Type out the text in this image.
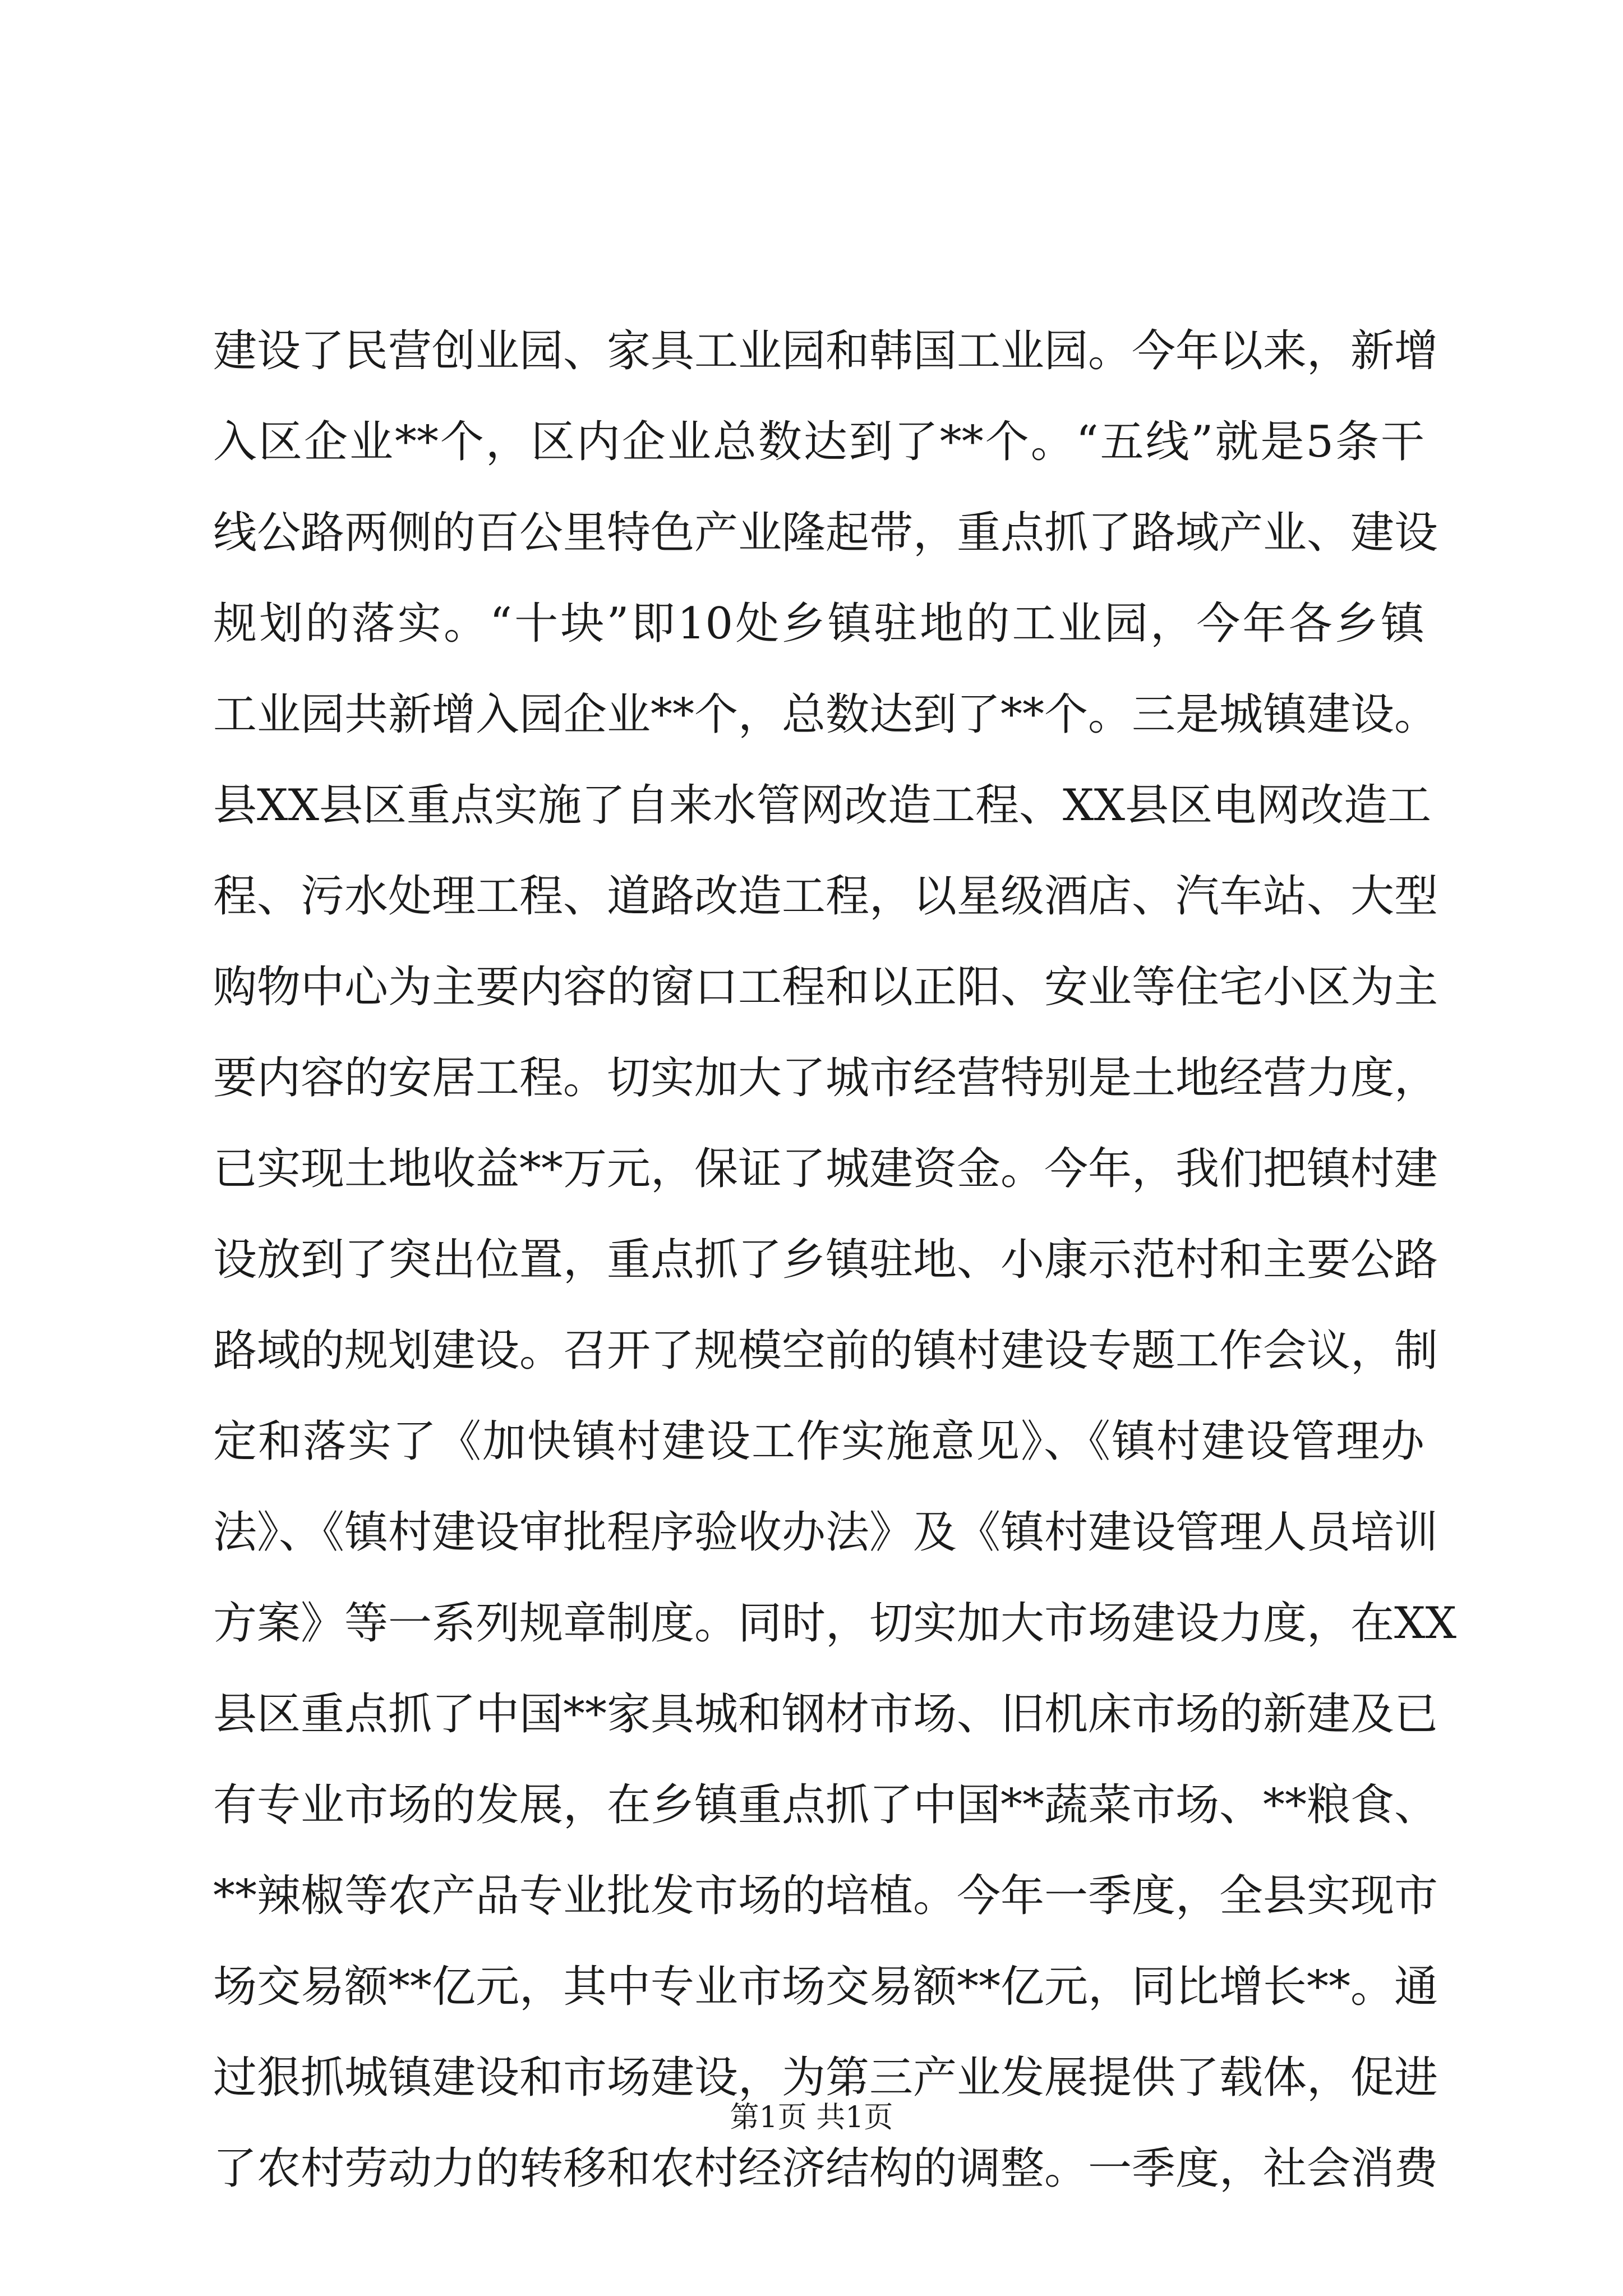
建设了民营创业园、家具工业园和韩国工业园。今年以来，新增
入区企业**个，区内企业总数达到了**个。“五线”就是5条干
线公路两侧的百公里特色产业隆起带，重点抓了路域产业、建设
规划的落实。“十块”即10处乡镇驻地的工业园，今年各乡镇
工业园共新增入园企业**个，总数达到了**个。三是城镇建设。
县XX县区重点实施了自来水管网改造工程、XX县区电网改造工
程、污水处理工程、道路改造工程，以星级酒店、汽车站、大型
购物中心为主要内容的窗口工程和以正阳、安业等住宅小区为主
要内容的安居工程。切实加大了城市经营特别是土地经营力度，
已实现土地收益**万元，保证了城建资金。今年，我们把镇村建
设放到了突出位置，重点抓了乡镇驻地、小康示范村和主要公路
路域的规划建设。召开了规模空前的镇村建设专题工作会议，制
定和落实了《加快镇村建设工作实施意见》、《镇村建设管理办
法》、《镇村建设审批程序验收办法》及《镇村建设管理人员培训
方案》等一系列规章制度。同时，切实加大市场建设力度，在XX
县区重点抓了中国**家具城和钢材市场、旧机床市场的新建及已
有专业市场的发展，在乡镇重点抓了中国**蔬菜市场、**粮食、
**辣椒等农产品专业批发市场的培植。今年一季度，全县实现市
场交易额**亿元，其中专业市场交易额**亿元，同比增长**。通
过狠抓城镇建设和市场建设，为第三产业发展提供了载体，促进
了农村劳动力的转移和农村经济结构的调整。一季度，社会消费
第1页 共1页
